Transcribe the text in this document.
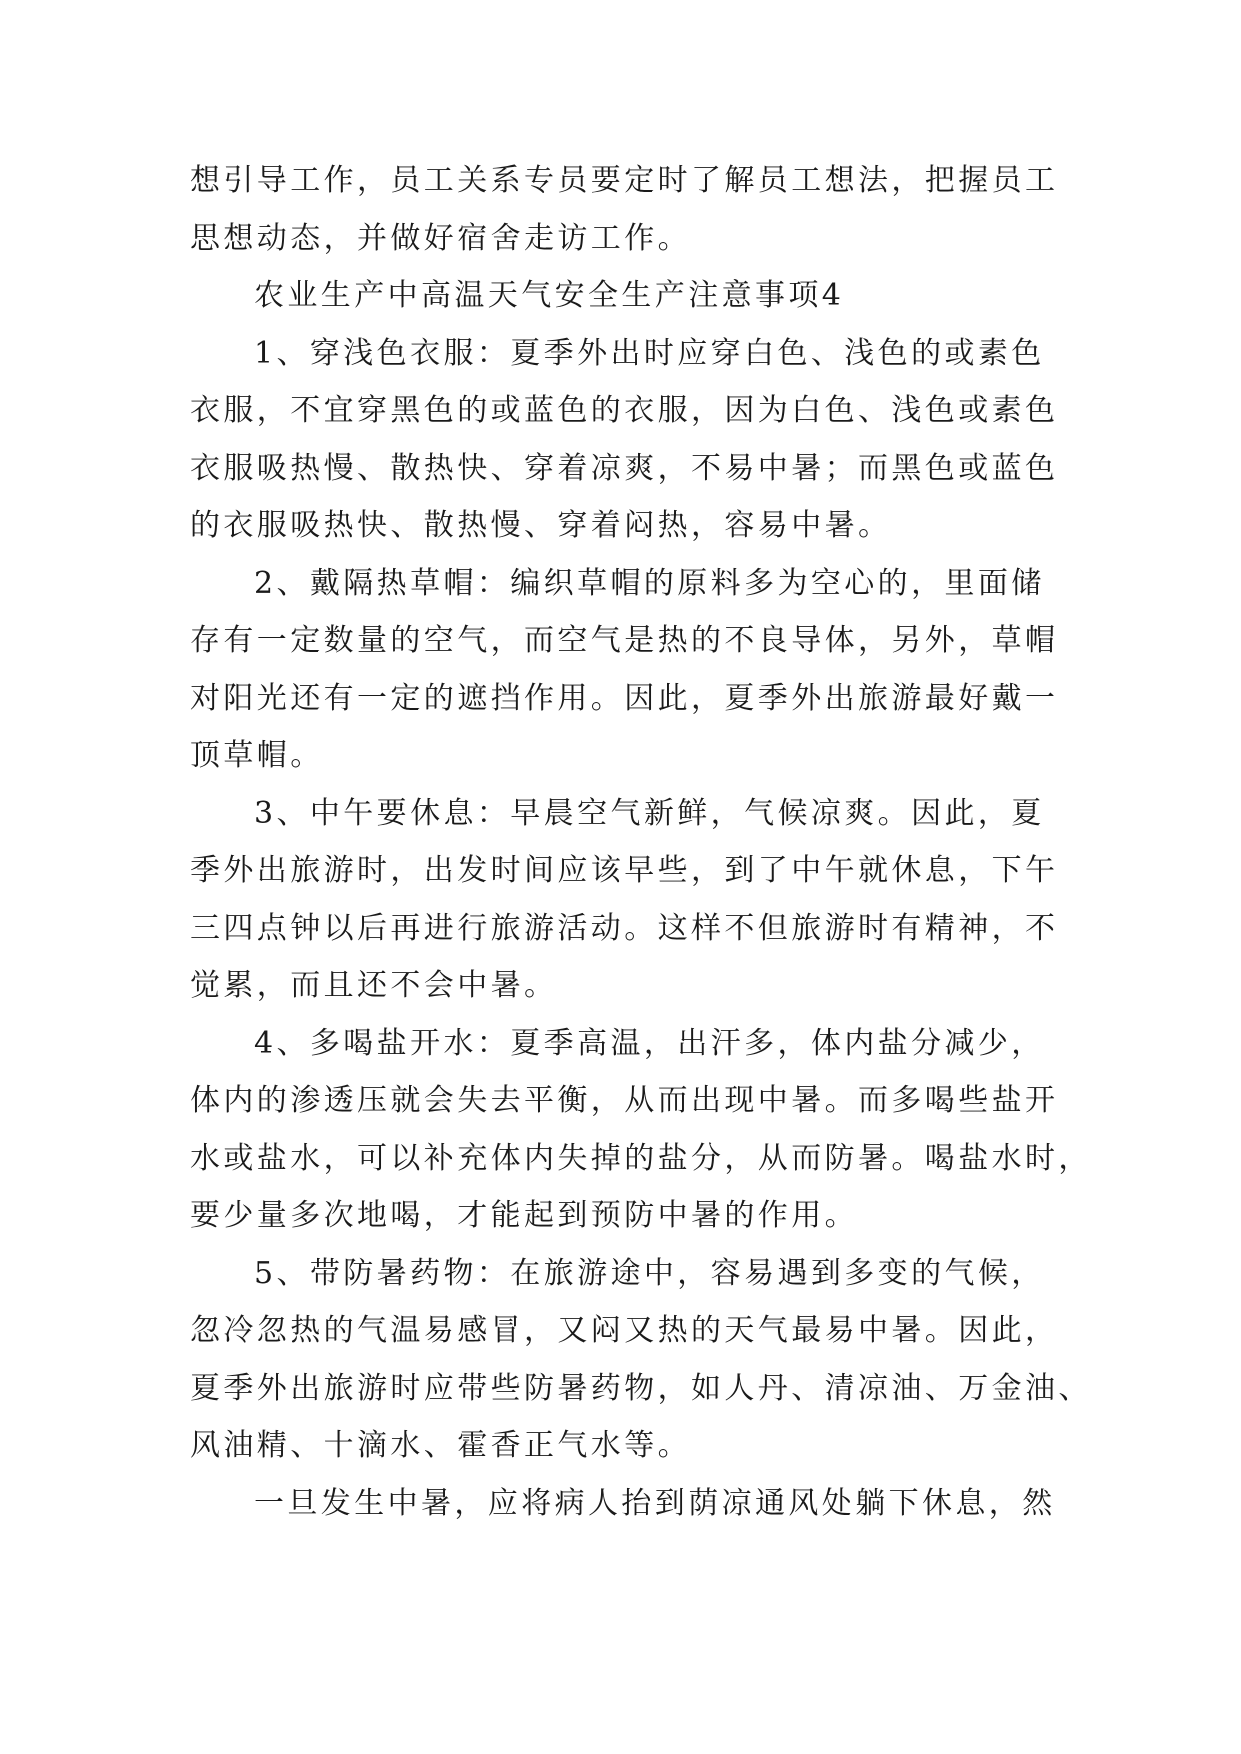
想引导工作，员工关系专员要定时了解员工想法，把握员工
思想动态，并做好宿舍走访工作。
农业生产中高温天气安全生产注意事项4
1、穿浅色衣服：夏季外出时应穿白色、浅色的或素色
衣服，不宜穿黑色的或蓝色的衣服，因为白色、浅色或素色
衣服吸热慢、散热快、穿着凉爽，不易中暑；而黑色或蓝色
的衣服吸热快、散热慢、穿着闷热，容易中暑。
2、戴隔热草帽：编织草帽的原料多为空心的，里面储
存有一定数量的空气，而空气是热的不良导体，另外，草帽
对阳光还有一定的遮挡作用。因此，夏季外出旅游最好戴一
顶草帽。
3、中午要休息：早晨空气新鲜，气候凉爽。因此，夏
季外出旅游时，出发时间应该早些，到了中午就休息，下午
三四点钟以后再进行旅游活动。这样不但旅游时有精神，不
觉累，而且还不会中暑。
4、多喝盐开水：夏季高温，出汗多，体内盐分减少，
体内的渗透压就会失去平衡，从而出现中暑。而多喝些盐开
水或盐水，可以补充体内失掉的盐分，从而防暑。喝盐水时，
要少量多次地喝，才能起到预防中暑的作用。
5、带防暑药物：在旅游途中，容易遇到多变的气候，
忽冷忽热的气温易感冒，又闷又热的天气最易中暑。因此，
夏季外出旅游时应带些防暑药物，如人丹、清凉油、万金油、
风油精、十滴水、霍香正气水等。
一旦发生中暑，应将病人抬到荫凉通风处躺下休息，然
